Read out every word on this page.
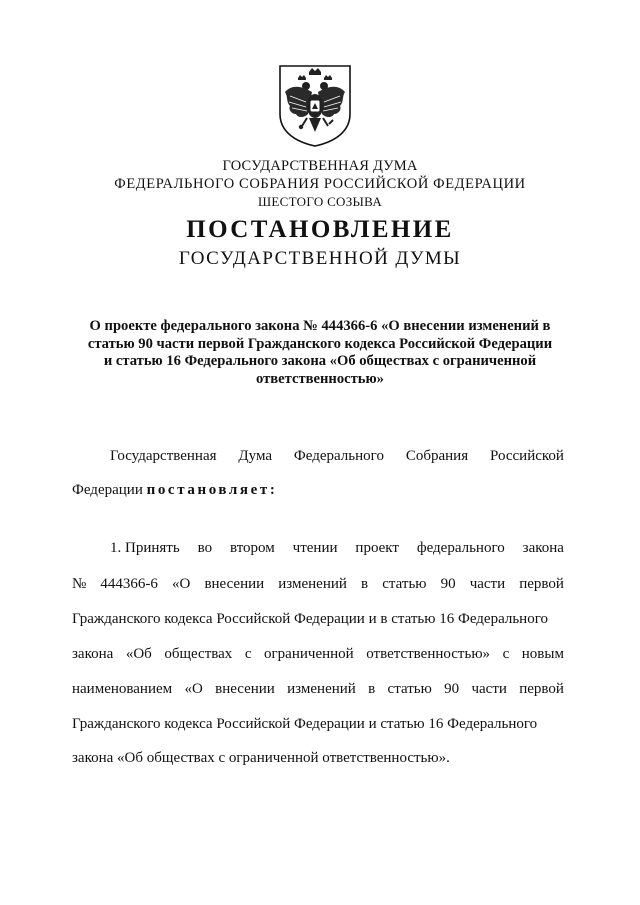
ГОСУДАРСТВЕННАЯ ДУМА

ФЕДЕРАЛЬНОГО СОБРАНИЯ РОССИЙСКОЙ ФЕДЕРАЦИИ

ШЕСТОГО СОЗЫВА

ПОСТАНОВЛЕНИЕ

ГОСУДАРСТВЕННОЙ ДУМЫ

О проекте федерального закона № 444366-6 «О внесении изменений в
статью 90 части первой Гражданского кодекса Российской Федерации
и статью 16 Федерального закона «Об обществах с ограниченной
ответственностью»
Государственная Дума Федерального Собрания Российской

Федерации постановляет:

1. Принять во втором чтении проект федерального закона
№ 444366-6 «О внесении изменений в статью 90 части первой

Гражданского кодекса Российской Федерации и в статью 16 Федерального

закона «Об обществах с ограниченной ответственностью» с новым
наименованием «О внесении изменений в статью 90 части первой

Гражданского кодекса Российской Федерации и статью 16 Федерального

закона «Об обществах с ограниченной ответственностью».
